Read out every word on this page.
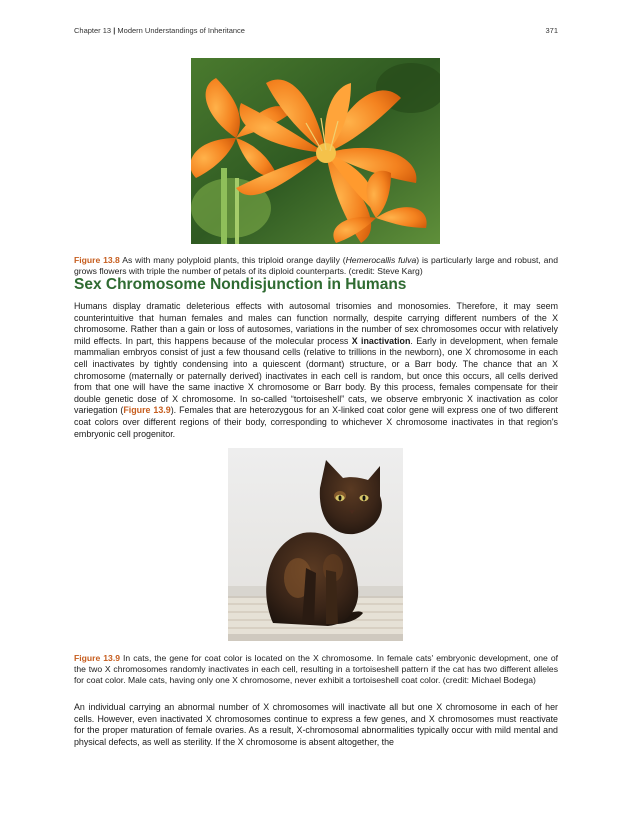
Chapter 13 | Modern Understandings of Inheritance	371

Figure 13.8 As with many polyploid plants, this triploid orange daylily (Hemerocallis fulva) is particularly large and robust, and grows flowers with triple the number of petals of its diploid counterparts. (credit: Steve Karg)

Sex Chromosome Nondisjunction in Humans

Humans display dramatic deleterious effects with autosomal trisomies and monosomies. Therefore, it may seem counterintuitive that human females and males can function normally, despite carrying different numbers of the X chromosome. Rather than a gain or loss of autosomes, variations in the number of sex chromosomes occur with relatively mild effects. In part, this happens because of the molecular process X inactivation. Early in development, when female mammalian embryos consist of just a few thousand cells (relative to trillions in the newborn), one X chromosome in each cell inactivates by tightly condensing into a quiescent (dormant) structure, or a Barr body. The chance that an X chromosome (maternally or paternally derived) inactivates in each cell is random, but once this occurs, all cells derived from that one will have the same inactive X chromosome or Barr body. By this process, females compensate for their double genetic dose of X chromosome. In so-called “tortoiseshell” cats, we observe embryonic X inactivation as color variegation (Figure 13.9). Females that are heterozygous for an X-linked coat color gene will express one of two different coat colors over different regions of their body, corresponding to whichever X chromosome inactivates in that region's embryonic cell progenitor.

Figure 13.9 In cats, the gene for coat color is located on the X chromosome. In female cats' embryonic development, one of the two X chromosomes randomly inactivates in each cell, resulting in a tortoiseshell pattern if the cat has two different alleles for coat color. Male cats, having only one X chromosome, never exhibit a tortoiseshell coat color. (credit: Michael Bodega)

An individual carrying an abnormal number of X chromosomes will inactivate all but one X chromosome in each of her cells. However, even inactivated X chromosomes continue to express a few genes, and X chromosomes must reactivate for the proper maturation of female ovaries. As a result, X-chromosomal abnormalities typically occur with mild mental and physical defects, as well as sterility. If the X chromosome is absent altogether, the
